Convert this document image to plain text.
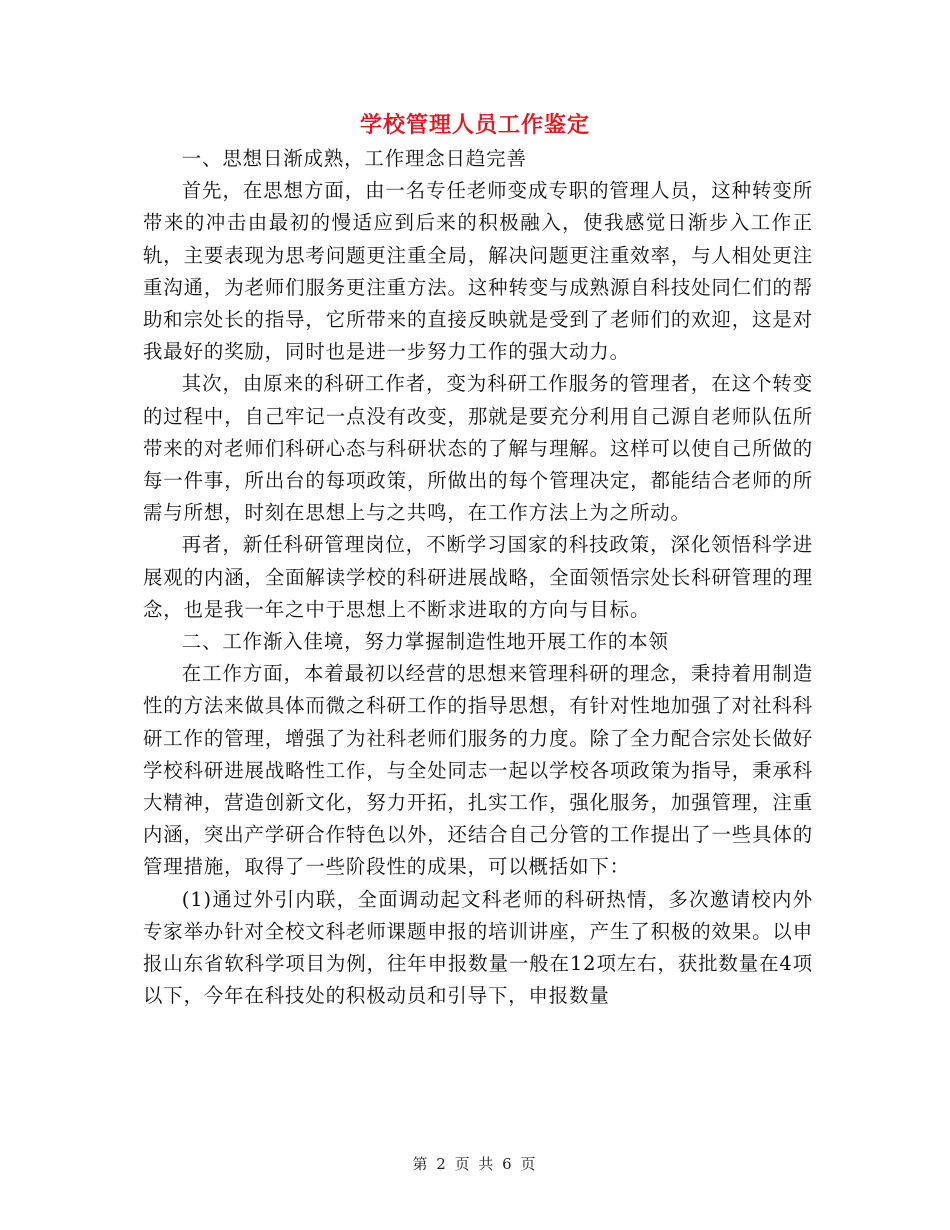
学校管理人员工作鉴定

一、思想日渐成熟，工作理念日趋完善

首先，在思想方面，由一名专任老师变成专职的管理人员，这种转变所带来的冲击由最初的慢适应到后来的积极融入，使我感觉日渐步入工作正轨，主要表现为思考问题更注重全局，解决问题更注重效率，与人相处更注重沟通，为老师们服务更注重方法。这种转变与成熟源自科技处同仁们的帮助和宗处长的指导，它所带来的直接反映就是受到了老师们的欢迎，这是对我最好的奖励，同时也是进一步努力工作的强大动力。

其次，由原来的科研工作者，变为科研工作服务的管理者，在这个转变的过程中，自己牢记一点没有改变，那就是要充分利用自己源自老师队伍所带来的对老师们科研心态与科研状态的了解与理解。这样可以使自己所做的每一件事，所出台的每项政策，所做出的每个管理决定，都能结合老师的所需与所想，时刻在思想上与之共鸣，在工作方法上为之所动。

再者，新任科研管理岗位，不断学习国家的科技政策，深化领悟科学进展观的内涵，全面解读学校的科研进展战略，全面领悟宗处长科研管理的理念，也是我一年之中于思想上不断求进取的方向与目标。

二、工作渐入佳境，努力掌握制造性地开展工作的本领

在工作方面，本着最初以经营的思想来管理科研的理念，秉持着用制造性的方法来做具体而微之科研工作的指导思想，有针对性地加强了对社科科研工作的管理，增强了为社科老师们服务的力度。除了全力配合宗处长做好学校科研进展战略性工作，与全处同志一起以学校各项政策为指导，秉承科大精神，营造创新文化，努力开拓，扎实工作，强化服务，加强管理，注重内涵，突出产学研合作特色以外，还结合自己分管的工作提出了一些具体的管理措施，取得了一些阶段性的成果，可以概括如下：

(1)通过外引内联，全面调动起文科老师的科研热情，多次邀请校内外专家举办针对全校文科老师课题申报的培训讲座，产生了积极的效果。以申报山东省软科学项目为例，往年申报数量一般在12项左右，获批数量在4项以下，今年在科技处的积极动员和引导下，申报数量

第 2 页 共 6 页
